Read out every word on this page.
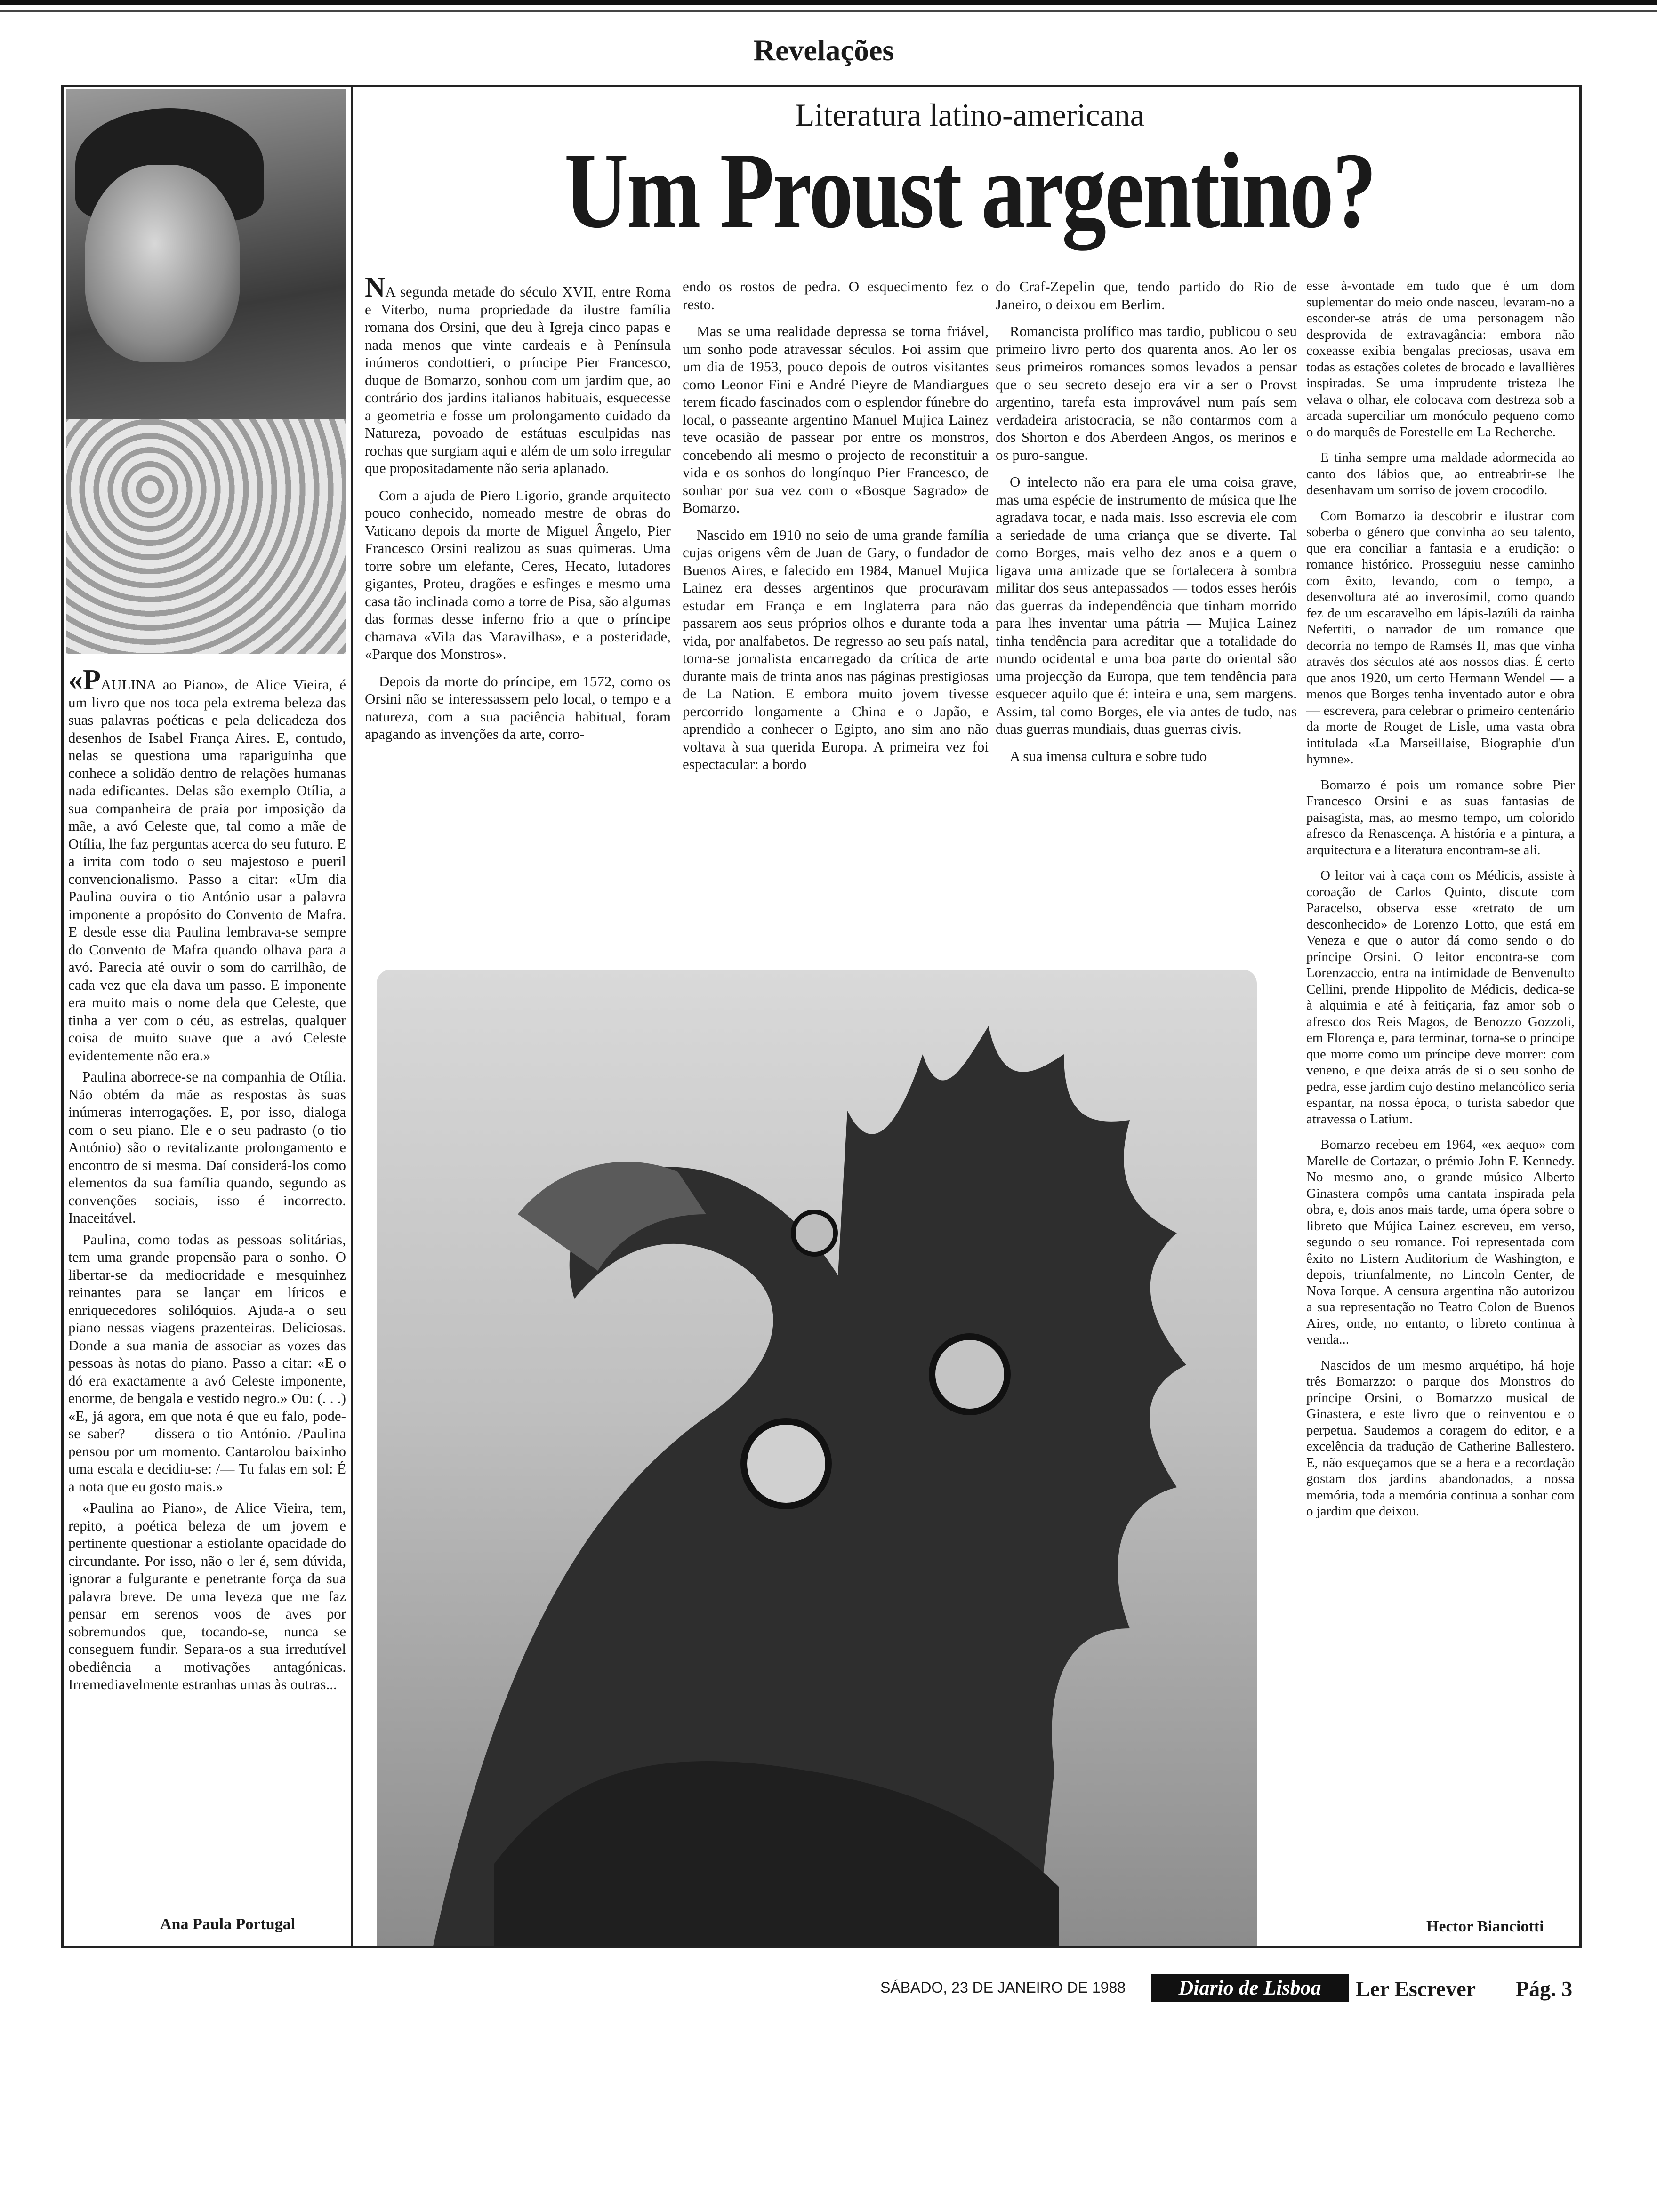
Revelações

«PAULINA ao Piano», de Alice Vieira, é um livro que nos toca pela extrema beleza das suas palavras poéticas e pela delicadeza dos desenhos de Isabel França Aires. E, contudo, nelas se questiona uma rapariguinha que conhece a solidão dentro de relações humanas nada edificantes. Delas são exemplo Otília, a sua companheira de praia por imposição da mãe, a avó Celeste que, tal como a mãe de Otília, lhe faz perguntas acerca do seu futuro. E a irrita com todo o seu majestoso e pueril convencionalismo. Passo a citar: «Um dia Paulina ouvira o tio António usar a palavra imponente a propósito do Convento de Mafra. E desde esse dia Paulina lembrava-se sempre do Convento de Mafra quando olhava para a avó. Parecia até ouvir o som do carrilhão, de cada vez que ela dava um passo. E imponente era muito mais o nome dela que Celeste, que tinha a ver com o céu, as estrelas, qualquer coisa de muito suave que a avó Celeste evidentemente não era.»

Paulina aborrece-se na companhia de Otília. Não obtém da mãe as respostas às suas inúmeras interrogações. E, por isso, dialoga com o seu piano. Ele e o seu padrasto (o tio António) são o revitalizante prolongamento e encontro de si mesma. Daí considerá-los como elementos da sua família quando, segundo as convenções sociais, isso é incorrecto. Inaceitável.

Paulina, como todas as pessoas solitárias, tem uma grande propensão para o sonho. O libertar-se da mediocridade e mesquinhez reinantes para se lançar em líricos e enriquecedores solilóquios. Ajuda-a o seu piano nessas viagens prazenteiras. Deliciosas. Donde a sua mania de associar as vozes das pessoas às notas do piano. Passo a citar: «E o dó era exactamente a avó Celeste imponente, enorme, de bengala e vestido negro.» Ou: (. . .) «E, já agora, em que nota é que eu falo, pode-se saber? — dissera o tio António. /Paulina pensou por um momento. Cantarolou baixinho uma escala e decidiu-se: /— Tu falas em sol: É a nota que eu gosto mais.»

«Paulina ao Piano», de Alice Vieira, tem, repito, a poética beleza de um jovem e pertinente questionar a estiolante opacidade do circundante. Por isso, não o ler é, sem dúvida, ignorar a fulgurante e penetrante força da sua palavra breve. De uma leveza que me faz pensar em serenos voos de aves por sobremundos que, tocando-se, nunca se conseguem fundir. Separa-os a sua irredutível obediência a motivações antagónicas. Irremediavelmente estranhas umas às outras...

Ana Paula Portugal
Literatura latino-americana
Um Proust argentino?

NA segunda metade do século XVII, entre Roma e Viterbo, numa propriedade da ilustre família romana dos Orsini, que deu à Igreja cinco papas e nada menos que vinte cardeais e à Península inúmeros condottieri, o príncipe Pier Francesco, duque de Bomarzo, sonhou com um jardim que, ao contrário dos jardins italianos habituais, esquecesse a geometria e fosse um prolongamento cuidado da Natureza, povoado de estátuas esculpidas nas rochas que surgiam aqui e além de um solo irregular que propositadamente não seria aplanado.

Com a ajuda de Piero Ligorio, grande arquitecto pouco conhecido, nomeado mestre de obras do Vaticano depois da morte de Miguel Ângelo, Pier Francesco Orsini realizou as suas quimeras. Uma torre sobre um elefante, Ceres, Hecato, lutadores gigantes, Proteu, dragões e esfinges e mesmo uma casa tão inclinada como a torre de Pisa, são algumas das formas desse inferno frio a que o príncipe chamava «Vila das Maravilhas», e a posteridade, «Parque dos Monstros».

Depois da morte do príncipe, em 1572, como os Orsini não se interessassem pelo local, o tempo e a natureza, com a sua paciência habitual, foram apagando as invenções da arte, corro-

endo os rostos de pedra. O esquecimento fez o resto.

Mas se uma realidade depressa se torna friável, um sonho pode atravessar séculos. Foi assim que um dia de 1953, pouco depois de outros visitantes como Leonor Fini e André Pieyre de Mandiargues terem ficado fascinados com o esplendor fúnebre do local, o passeante argentino Manuel Mujica Lainez teve ocasião de passear por entre os monstros, concebendo ali mesmo o projecto de reconstituir a vida e os sonhos do longínquo Pier Francesco, de sonhar por sua vez com o «Bosque Sagrado» de Bomarzo.

Nascido em 1910 no seio de uma grande família cujas origens vêm de Juan de Gary, o fundador de Buenos Aires, e falecido em 1984, Manuel Mujica Lainez era desses argentinos que procuravam estudar em França e em Inglaterra para não passarem aos seus próprios olhos e durante toda a vida, por analfabetos. De regresso ao seu país natal, torna-se jornalista encarregado da crítica de arte durante mais de trinta anos nas páginas prestigiosas de La Nation. E embora muito jovem tivesse percorrido longamente a China e o Japão, e aprendido a conhecer o Egipto, ano sim ano não voltava à sua querida Europa. A primeira vez foi espectacular: a bordo

do Craf-Zepelin que, tendo partido do Rio de Janeiro, o deixou em Berlim.

Romancista prolífico mas tardio, publicou o seu primeiro livro perto dos quarenta anos. Ao ler os seus primeiros romances somos levados a pensar que o seu secreto desejo era vir a ser o Provst argentino, tarefa esta improvável num país sem verdadeira aristocracia, se não contarmos com a dos Shorton e dos Aberdeen Angos, os merinos e os puro-sangue.

O intelecto não era para ele uma coisa grave, mas uma espécie de instrumento de música que lhe agradava tocar, e nada mais. Isso escrevia ele com a seriedade de uma criança que se diverte. Tal como Borges, mais velho dez anos e a quem o ligava uma amizade que se fortalecera à sombra militar dos seus antepassados — todos esses heróis das guerras da independência que tinham morrido para lhes inventar uma pátria — Mujica Lainez tinha tendência para acreditar que a totalidade do mundo ocidental e uma boa parte do oriental são uma projecção da Europa, que tem tendência para esquecer aquilo que é: inteira e una, sem margens. Assim, tal como Borges, ele via antes de tudo, nas duas guerras mundiais, duas guerras civis.

A sua imensa cultura e sobre tudo

esse à-vontade em tudo que é um dom suplementar do meio onde nasceu, levaram-no a esconder-se atrás de uma personagem não desprovida de extravagância: embora não coxeasse exibia bengalas preciosas, usava em todas as estações coletes de brocado e lavallières inspiradas. Se uma imprudente tristeza lhe velava o olhar, ele colocava com destreza sob a arcada superciliar um monóculo pequeno como o do marquês de Forestelle em La Recherche.

E tinha sempre uma maldade adormecida ao canto dos lábios que, ao entreabrir-se lhe desenhavam um sorriso de jovem crocodilo.

Com Bomarzo ia descobrir e ilustrar com soberba o género que convinha ao seu talento, que era conciliar a fantasia e a erudição: o romance histórico. Prosseguiu nesse caminho com êxito, levando, com o tempo, a desenvoltura até ao inverosímil, como quando fez de um escaravelho em lápis-lazúli da rainha Nefertiti, o narrador de um romance que decorria no tempo de Ramsés II, mas que vinha através dos séculos até aos nossos dias. É certo que anos 1920, um certo Hermann Wendel — a menos que Borges tenha inventado autor e obra — escrevera, para celebrar o primeiro centenário da morte de Rouget de Lisle, uma vasta obra intitulada «La Marseillaise, Biographie d'un hymne».

Bomarzo é pois um romance sobre Pier Francesco Orsini e as suas fantasias de paisagista, mas, ao mesmo tempo, um colorido afresco da Renascença. A história e a pintura, a arquitectura e a literatura encontram-se ali.

O leitor vai à caça com os Médicis, assiste à coroação de Carlos Quinto, discute com Paracelso, observa esse «retrato de um desconhecido» de Lorenzo Lotto, que está em Veneza e que o autor dá como sendo o do príncipe Orsini. O leitor encontra-se com Lorenzaccio, entra na intimidade de Benvenulto Cellini, prende Hippolito de Médicis, dedica-se à alquimia e até à feitiçaria, faz amor sob o afresco dos Reis Magos, de Benozzo Gozzoli, em Florença e, para terminar, torna-se o príncipe que morre como um príncipe deve morrer: com veneno, e que deixa atrás de si o seu sonho de pedra, esse jardim cujo destino melancólico seria espantar, na nossa época, o turista sabedor que atravessa o Latium.

Bomarzo recebeu em 1964, «ex aequo» com Marelle de Cortazar, o prémio John F. Kennedy. No mesmo ano, o grande músico Alberto Ginastera compôs uma cantata inspirada pela obra, e, dois anos mais tarde, uma ópera sobre o libreto que Mújica Lainez escreveu, em verso, segundo o seu romance. Foi representada com êxito no Listern Auditorium de Washington, e depois, triunfalmente, no Lincoln Center, de Nova Iorque. A censura argentina não autorizou a sua representação no Teatro Colon de Buenos Aires, onde, no entanto, o libreto continua à venda...

Nascidos de um mesmo arquétipo, há hoje três Bomarzzo: o parque dos Monstros do príncipe Orsini, o Bomarzzo musical de Ginastera, e este livro que o reinventou e o perpetua. Saudemos a coragem do editor, e a excelência da tradução de Catherine Ballestero. E, não esqueçamos que se a hera e a recordação gostam dos jardins abandonados, a nossa memória, toda a memória continua a sonhar com o jardim que deixou.

Hector Bianciotti
SÁBADO, 23 DE JANEIRO DE 1988	Diario de Lisboa	Ler Escrever Pág. 3
